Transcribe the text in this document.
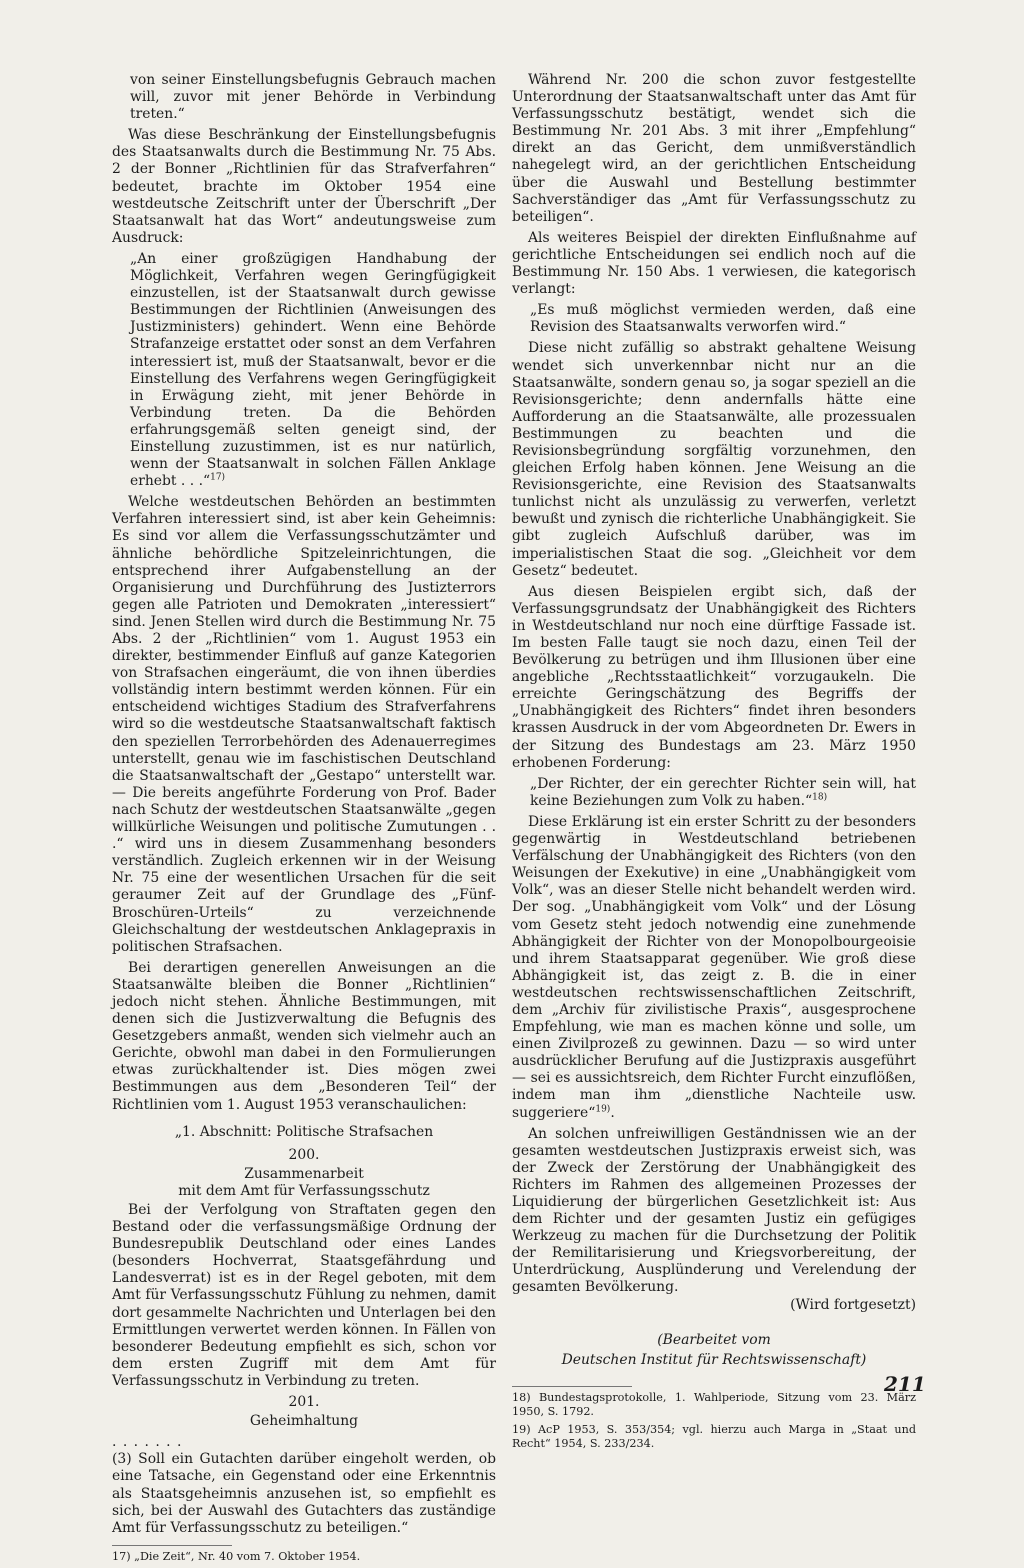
von seiner Einstellungsbefugnis Gebrauch machen will, zuvor mit jener Behörde in Verbindung treten.“

Was diese Beschränkung der Einstellungsbefugnis des Staatsanwalts durch die Bestimmung Nr. 75 Abs. 2 der Bonner „Richtlinien für das Strafverfahren“ bedeutet, brachte im Oktober 1954 eine westdeutsche Zeitschrift unter der Überschrift „Der Staatsanwalt hat das Wort“ andeutungsweise zum Ausdruck:

„An einer großzügigen Handhabung der Möglichkeit, Verfahren wegen Geringfügigkeit einzustellen, ist der Staatsanwalt durch gewisse Bestimmungen der Richtlinien (Anweisungen des Justizministers) gehindert. Wenn eine Behörde Strafanzeige erstattet oder sonst an dem Verfahren interessiert ist, muß der Staatsanwalt, bevor er die Einstellung des Verfahrens wegen Geringfügigkeit in Erwägung zieht, mit jener Behörde in Verbindung treten. Da die Behörden erfahrungsgemäß selten geneigt sind, der Einstellung zuzustimmen, ist es nur natürlich, wenn der Staatsanwalt in solchen Fällen Anklage erhebt . . .“$^{17)}$

Welche westdeutschen Behörden an bestimmten Verfahren interessiert sind, ist aber kein Geheimnis: Es sind vor allem die Verfassungsschutzämter und ähnliche behördliche Spitzeleinrichtungen, die entsprechend ihrer Aufgabenstellung an der Organisierung und Durchführung des Justizterrors gegen alle Patrioten und Demokraten „interessiert“ sind. Jenen Stellen wird durch die Bestimmung Nr. 75 Abs. 2 der „Richtlinien“ vom 1. August 1953 ein direkter, bestimmender Einfluß auf ganze Kategorien von Strafsachen eingeräumt, die von ihnen überdies vollständig intern bestimmt werden können. Für ein entscheidend wichtiges Stadium des Strafverfahrens wird so die westdeutsche Staatsanwaltschaft faktisch den speziellen Terrorbehörden des Adenauerregimes unterstellt, genau wie im faschistischen Deutschland die Staatsanwaltschaft der „Gestapo“ unterstellt war. — Die bereits angeführte Forderung von Prof. Bader nach Schutz der westdeutschen Staatsanwälte „gegen willkürliche Weisungen und politische Zumutungen . . .“ wird uns in diesem Zusammenhang besonders verständlich. Zugleich erkennen wir in der Weisung Nr. 75 eine der wesentlichen Ursachen für die seit geraumer Zeit auf der Grundlage des „Fünf-Broschüren-Urteils“ zu verzeichnende Gleichschaltung der westdeutschen Anklagepraxis in politischen Strafsachen.

Bei derartigen generellen Anweisungen an die Staatsanwälte bleiben die Bonner „Richtlinien“ jedoch nicht stehen. Ähnliche Bestimmungen, mit denen sich die Justizverwaltung die Befugnis des Gesetzgebers anmaßt, wenden sich vielmehr auch an Gerichte, obwohl man dabei in den Formulierungen etwas zurückhaltender ist. Dies mögen zwei Bestimmungen aus dem „Besonderen Teil“ der Richtlinien vom 1. August 1953 veranschaulichen:

„1. Abschnitt: Politische Strafsachen

200.

Zusammenarbeit

mit dem Amt für Verfassungsschutz

Bei der Verfolgung von Straftaten gegen den Bestand oder die verfassungsmäßige Ordnung der Bundesrepublik Deutschland oder eines Landes (besonders Hochverrat, Staatsgefährdung und Landesverrat) ist es in der Regel geboten, mit dem Amt für Verfassungsschutz Fühlung zu nehmen, damit dort gesammelte Nachrichten und Unterlagen bei den Ermittlungen verwertet werden können. In Fällen von besonderer Bedeutung empfiehlt es sich, schon vor dem ersten Zugriff mit dem Amt für Verfassungsschutz in Verbindung zu treten.

201.

Geheimhaltung

. . . . . . .

(3) Soll ein Gutachten darüber eingeholt werden, ob eine Tatsache, ein Gegenstand oder eine Erkenntnis als Staatsgeheimnis anzusehen ist, so empfiehlt es sich, bei der Auswahl des Gutachters das zuständige Amt für Verfassungsschutz zu beteiligen.“

17) „Die Zeit“, Nr. 40 vom 7. Oktober 1954.

Während Nr. 200 die schon zuvor festgestellte Unterordnung der Staatsanwaltschaft unter das Amt für Verfassungsschutz bestätigt, wendet sich die Bestimmung Nr. 201 Abs. 3 mit ihrer „Empfehlung“ direkt an das Gericht, dem unmißverständlich nahegelegt wird, an der gerichtlichen Entscheidung über die Auswahl und Bestellung bestimmter Sachverständiger das „Amt für Verfassungsschutz zu beteiligen“.

Als weiteres Beispiel der direkten Einflußnahme auf gerichtliche Entscheidungen sei endlich noch auf die Bestimmung Nr. 150 Abs. 1 verwiesen, die kategorisch verlangt:

„Es muß möglichst vermieden werden, daß eine Revision des Staatsanwalts verworfen wird.“

Diese nicht zufällig so abstrakt gehaltene Weisung wendet sich unverkennbar nicht nur an die Staatsanwälte, sondern genau so, ja sogar speziell an die Revisionsgerichte; denn andernfalls hätte eine Aufforderung an die Staatsanwälte, alle prozessualen Bestimmungen zu beachten und die Revisionsbegründung sorgfältig vorzunehmen, den gleichen Erfolg haben können. Jene Weisung an die Revisionsgerichte, eine Revision des Staatsanwalts tunlichst nicht als unzulässig zu verwerfen, verletzt bewußt und zynisch die richterliche Unabhängigkeit. Sie gibt zugleich Aufschluß darüber, was im imperialistischen Staat die sog. „Gleichheit vor dem Gesetz“ bedeutet.

Aus diesen Beispielen ergibt sich, daß der Verfassungsgrundsatz der Unabhängigkeit des Richters in Westdeutschland nur noch eine dürftige Fassade ist. Im besten Falle taugt sie noch dazu, einen Teil der Bevölkerung zu betrügen und ihm Illusionen über eine angebliche „Rechtsstaatlichkeit“ vorzugaukeln. Die erreichte Geringschätzung des Begriffs der „Unabhängigkeit des Richters“ findet ihren besonders krassen Ausdruck in der vom Abgeordneten Dr. Ewers in der Sitzung des Bundestags am 23. März 1950 erhobenen Forderung:

„Der Richter, der ein gerechter Richter sein will, hat keine Beziehungen zum Volk zu haben.“$^{18)}$

Diese Erklärung ist ein erster Schritt zu der besonders gegenwärtig in Westdeutschland betriebenen Verfälschung der Unabhängigkeit des Richters (von den Weisungen der Exekutive) in eine „Unabhängigkeit vom Volk“, was an dieser Stelle nicht behandelt werden wird. Der sog. „Unabhängigkeit vom Volk“ und der Lösung vom Gesetz steht jedoch notwendig eine zunehmende Abhängigkeit der Richter von der Monopolbourgeoisie und ihrem Staatsapparat gegenüber. Wie groß diese Abhängigkeit ist, das zeigt z. B. die in einer westdeutschen rechtswissenschaftlichen Zeitschrift, dem „Archiv für zivilistische Praxis“, ausgesprochene Empfehlung, wie man es machen könne und solle, um einen Zivilprozeß zu gewinnen. Dazu — so wird unter ausdrücklicher Berufung auf die Justizpraxis ausgeführt — sei es aussichtsreich, dem Richter Furcht einzuflößen, indem man ihm „dienstliche Nachteile usw. suggeriere“$^{19)}$.

An solchen unfreiwilligen Geständnissen wie an der gesamten westdeutschen Justizpraxis erweist sich, was der Zweck der Zerstörung der Unabhängigkeit des Richters im Rahmen des allgemeinen Prozesses der Liquidierung der bürgerlichen Gesetzlichkeit ist: Aus dem Richter und der gesamten Justiz ein gefügiges Werkzeug zu machen für die Durchsetzung der Politik der Remilitarisierung und Kriegsvorbereitung, der Unterdrückung, Ausplünderung und Verelendung der gesamten Bevölkerung.

(Wird fortgesetzt)

(Bearbeitet vom

Deutschen Institut für Rechtswissenschaft)

18) Bundestagsprotokolle, 1. Wahlperiode, Sitzung vom 23. März 1950, S. 1792.

19) AcP 1953, S. 353/354; vgl. hierzu auch Marga in „Staat und Recht“ 1954, S. 233/234.

211
